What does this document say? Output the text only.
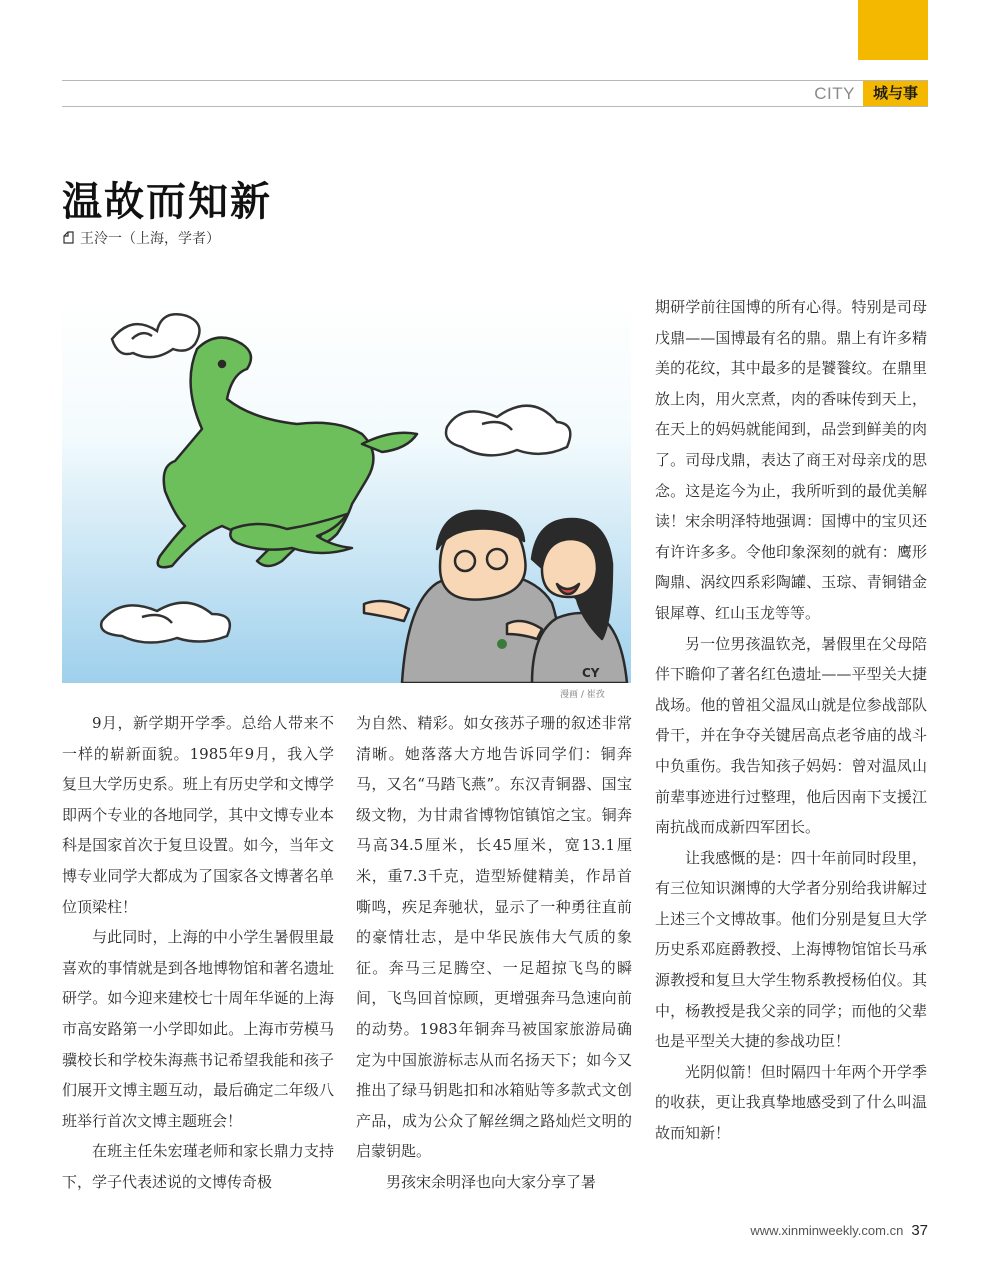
CITY	城与事
温故而知新
王泠一（上海，学者）
CY
漫画 / 崔孜

9月，新学期开学季。总给人带来不一样的崭新面貌。1985年9月，我入学复旦大学历史系。班上有历史学和文博学即两个专业的各地同学，其中文博专业本科是国家首次于复旦设置。如今，当年文博专业同学大都成为了国家各文博著名单位顶梁柱！

与此同时，上海的中小学生暑假里最喜欢的事情就是到各地博物馆和著名遗址研学。如今迎来建校七十周年华诞的上海市高安路第一小学即如此。上海市劳模马骥校长和学校朱海燕书记希望我能和孩子们展开文博主题互动，最后确定二年级八班举行首次文博主题班会！

在班主任朱宏瑾老师和家长鼎力支持下，学子代表述说的文博传奇极

为自然、精彩。如女孩苏子珊的叙述非常清晰。她落落大方地告诉同学们：铜奔马，又名“马踏飞燕”。东汉青铜器、国宝级文物，为甘肃省博物馆镇馆之宝。铜奔马高34.5厘米，长45厘米，宽13.1厘米，重7.3千克，造型矫健精美，作昂首嘶鸣，疾足奔驰状，显示了一种勇往直前的豪情壮志，是中华民族伟大气质的象征。奔马三足腾空、一足超掠飞鸟的瞬间，飞鸟回首惊顾，更增强奔马急速向前的动势。1983年铜奔马被国家旅游局确定为中国旅游标志从而名扬天下；如今又推出了绿马钥匙扣和冰箱贴等多款式文创产品，成为公众了解丝绸之路灿烂文明的启蒙钥匙。

男孩宋余明泽也向大家分享了暑

期研学前往国博的所有心得。特别是司母戊鼎——国博最有名的鼎。鼎上有许多精美的花纹，其中最多的是饕餮纹。在鼎里放上肉，用火烹煮，肉的香味传到天上，在天上的妈妈就能闻到，品尝到鲜美的肉了。司母戊鼎，表达了商王对母亲戊的思念。这是迄今为止，我所听到的最优美解读！宋余明泽特地强调：国博中的宝贝还有许许多多。令他印象深刻的就有：鹰形陶鼎、涡纹四系彩陶罐、玉琮、青铜错金银犀尊、红山玉龙等等。

另一位男孩温钦尧，暑假里在父母陪伴下瞻仰了著名红色遗址——平型关大捷战场。他的曾祖父温凤山就是位参战部队骨干，并在争夺关键居高点老爷庙的战斗中负重伤。我告知孩子妈妈：曾对温凤山前辈事迹进行过整理，他后因南下支援江南抗战而成新四军团长。

让我感慨的是：四十年前同时段里，有三位知识渊博的大学者分别给我讲解过上述三个文博故事。他们分别是复旦大学历史系邓庭爵教授、上海博物馆馆长马承源教授和复旦大学生物系教授杨伯仪。其中，杨教授是我父亲的同学；而他的父辈也是平型关大捷的参战功臣！

光阴似箭！但时隔四十年两个开学季的收获，更让我真挚地感受到了什么叫温故而知新！

www.xinminweekly.com.cn 37
